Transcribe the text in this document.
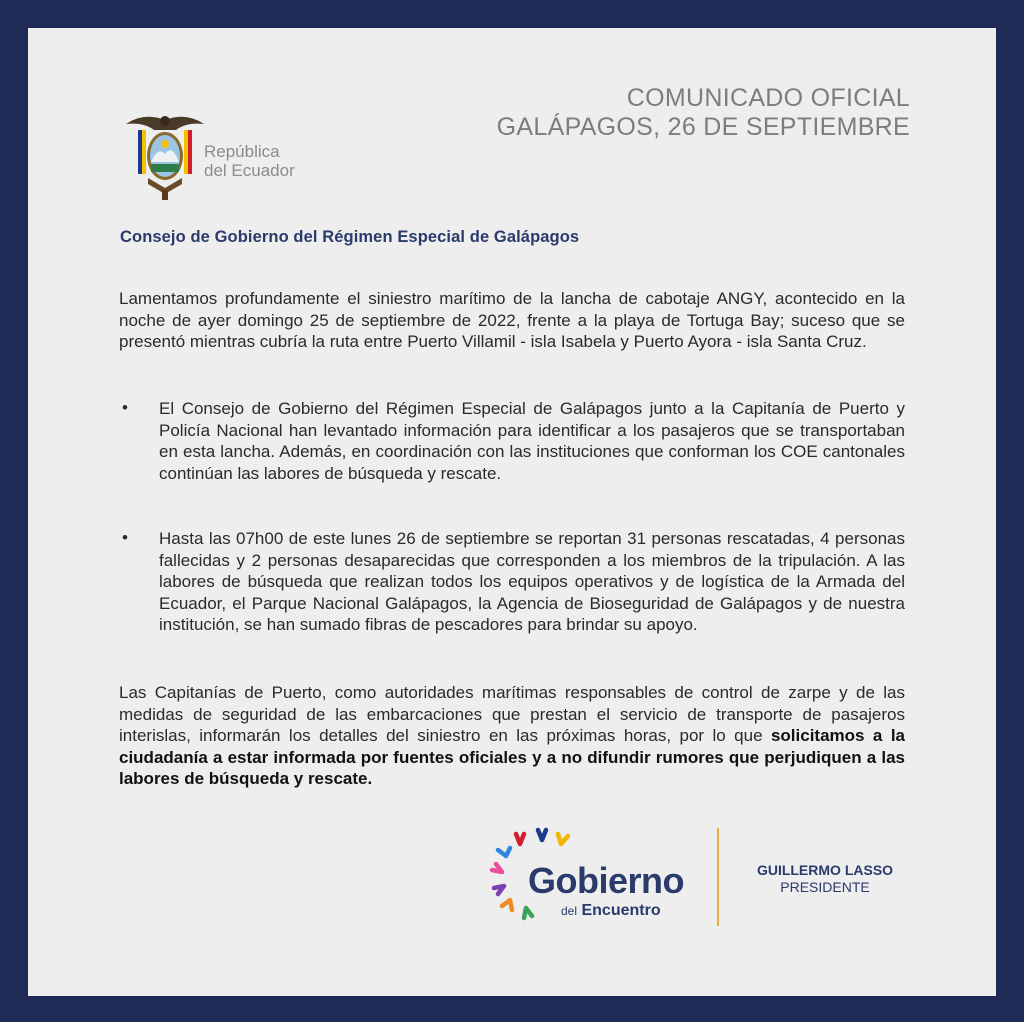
COMUNICADO OFICIAL
GALÁPAGOS, 26 DE SEPTIEMBRE
República
del Ecuador
Consejo de Gobierno del Régimen Especial de Galápagos

Lamentamos profundamente el siniestro marítimo de la lancha de cabotaje ANGY, acontecido en la noche de ayer domingo 25 de septiembre de 2022, frente a la playa de Tortuga Bay; suceso que se presentó mientras cubría la ruta entre Puerto Villamil - isla Isabela y Puerto Ayora - isla Santa Cruz.

• El Consejo de Gobierno del Régimen Especial de Galápagos junto a la Capitanía de Puerto y Policía Nacional han levantado información para identificar a los pasajeros que se transportaban en esta lancha. Además, en coordinación con las instituciones que conforman los COE cantonales continúan las labores de búsqueda y rescate.

• Hasta las 07h00 de este lunes 26 de septiembre se reportan 31 personas rescatadas, 4 personas fallecidas y 2 personas desaparecidas que corresponden a los miembros de la tripulación. A las labores de búsqueda que realizan todos los equipos operativos y de logística de la Armada del Ecuador, el Parque Nacional Galápagos, la Agencia de Bioseguridad de Galápagos y de nuestra institución, se han sumado fibras de pescadores para brindar su apoyo.

Las Capitanías de Puerto, como autoridades marítimas responsables de control de zarpe y de las medidas de seguridad de las embarcaciones que prestan el servicio de transporte de pasajeros interislas, informarán los detalles del siniestro en las próximas horas, por lo que solicitamos a la ciudadanía a estar informada por fuentes oficiales y a no difundir rumores que perjudiquen a las labores de búsqueda y rescate.

Gobierno
del Encuentro
GUILLERMO LASSO
PRESIDENTE
